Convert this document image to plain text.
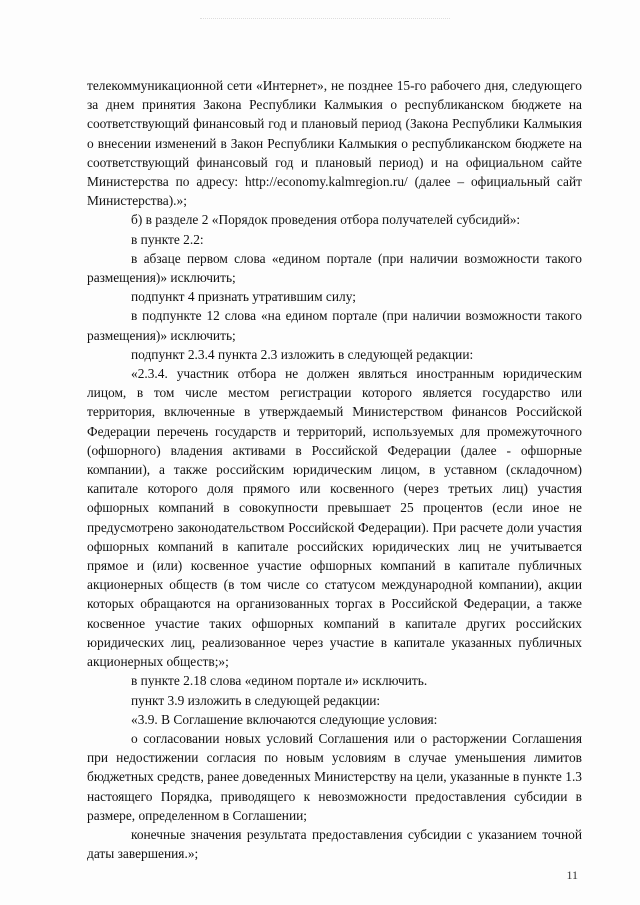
телекоммуникационной сети «Интернет», не позднее 15-го рабочего дня, следующего за днем принятия Закона Республики Калмыкия о республиканском бюджете на соответствующий финансовый год и плановый период (Закона Республики Калмыкия о внесении изменений в Закон Республики Калмыкия о республиканском бюджете на соответствующий финансовый год и плановый период) и на официальном сайте Министерства по адресу: http://economy.kalmregion.ru/ (далее – официальный сайт Министерства).»;

б) в разделе 2 «Порядок проведения отбора получателей субсидий»:

в пункте 2.2:

в абзаце первом слова «едином портале (при наличии возможности такого размещения)» исключить;

подпункт 4 признать утратившим силу;

в подпункте 12 слова «на едином портале (при наличии возможности такого размещения)» исключить;

подпункт 2.3.4 пункта 2.3 изложить в следующей редакции:

«2.3.4. участник отбора не должен являться иностранным юридическим лицом, в том числе местом регистрации которого является государство или территория, включенные в утверждаемый Министерством финансов Российской Федерации перечень государств и территорий, используемых для промежуточного (офшорного) владения активами в Российской Федерации (далее - офшорные компании), а также российским юридическим лицом, в уставном (складочном) капитале которого доля прямого или косвенного (через третьих лиц) участия офшорных компаний в совокупности превышает 25 процентов (если иное не предусмотрено законодательством Российской Федерации). При расчете доли участия офшорных компаний в капитале российских юридических лиц не учитывается прямое и (или) косвенное участие офшорных компаний в капитале публичных акционерных обществ (в том числе со статусом международной компании), акции которых обращаются на организованных торгах в Российской Федерации, а также косвенное участие таких офшорных компаний в капитале других российских юридических лиц, реализованное через участие в капитале указанных публичных акционерных обществ;»;

в пункте 2.18 слова «едином портале и» исключить.

пункт 3.9 изложить в следующей редакции:

«3.9. В Соглашение включаются следующие условия:

о согласовании новых условий Соглашения или о расторжении Соглашения при недостижении согласия по новым условиям в случае уменьшения лимитов бюджетных средств, ранее доведенных Министерству на цели, указанные в пункте 1.3 настоящего Порядка, приводящего к невозможности предоставления субсидии в размере, определенном в Соглашении;

конечные значения результата предоставления субсидии с указанием точной даты завершения.»;

11
